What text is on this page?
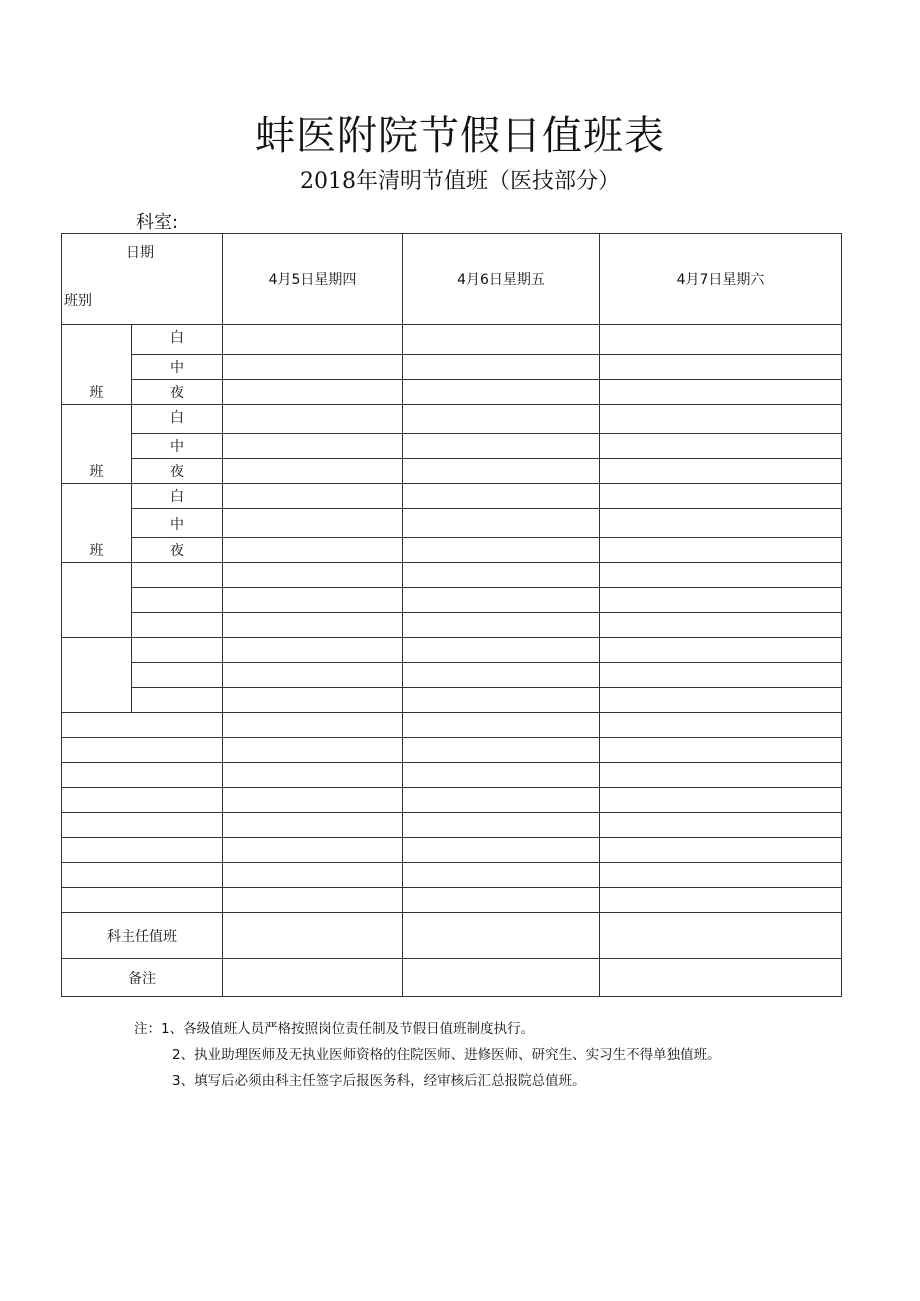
蚌医附院节假日值班表
2018年清明节值班（医技部分）
科室:
日期
班别		4月5日星期四	4月6日星期五	4月7日星期六
班	白			
	中			
	夜			
班	白			
	中			
	夜			
班	白			
	中			
	夜			

科主任值班				
备注				
注：1、各级值班人员严格按照岗位责任制及节假日值班制度执行。
2、执业助理医师及无执业医师资格的住院医师、进修医师、研究生、实习生不得单独值班。
3、填写后必须由科主任签字后报医务科，经审核后汇总报院总值班。
